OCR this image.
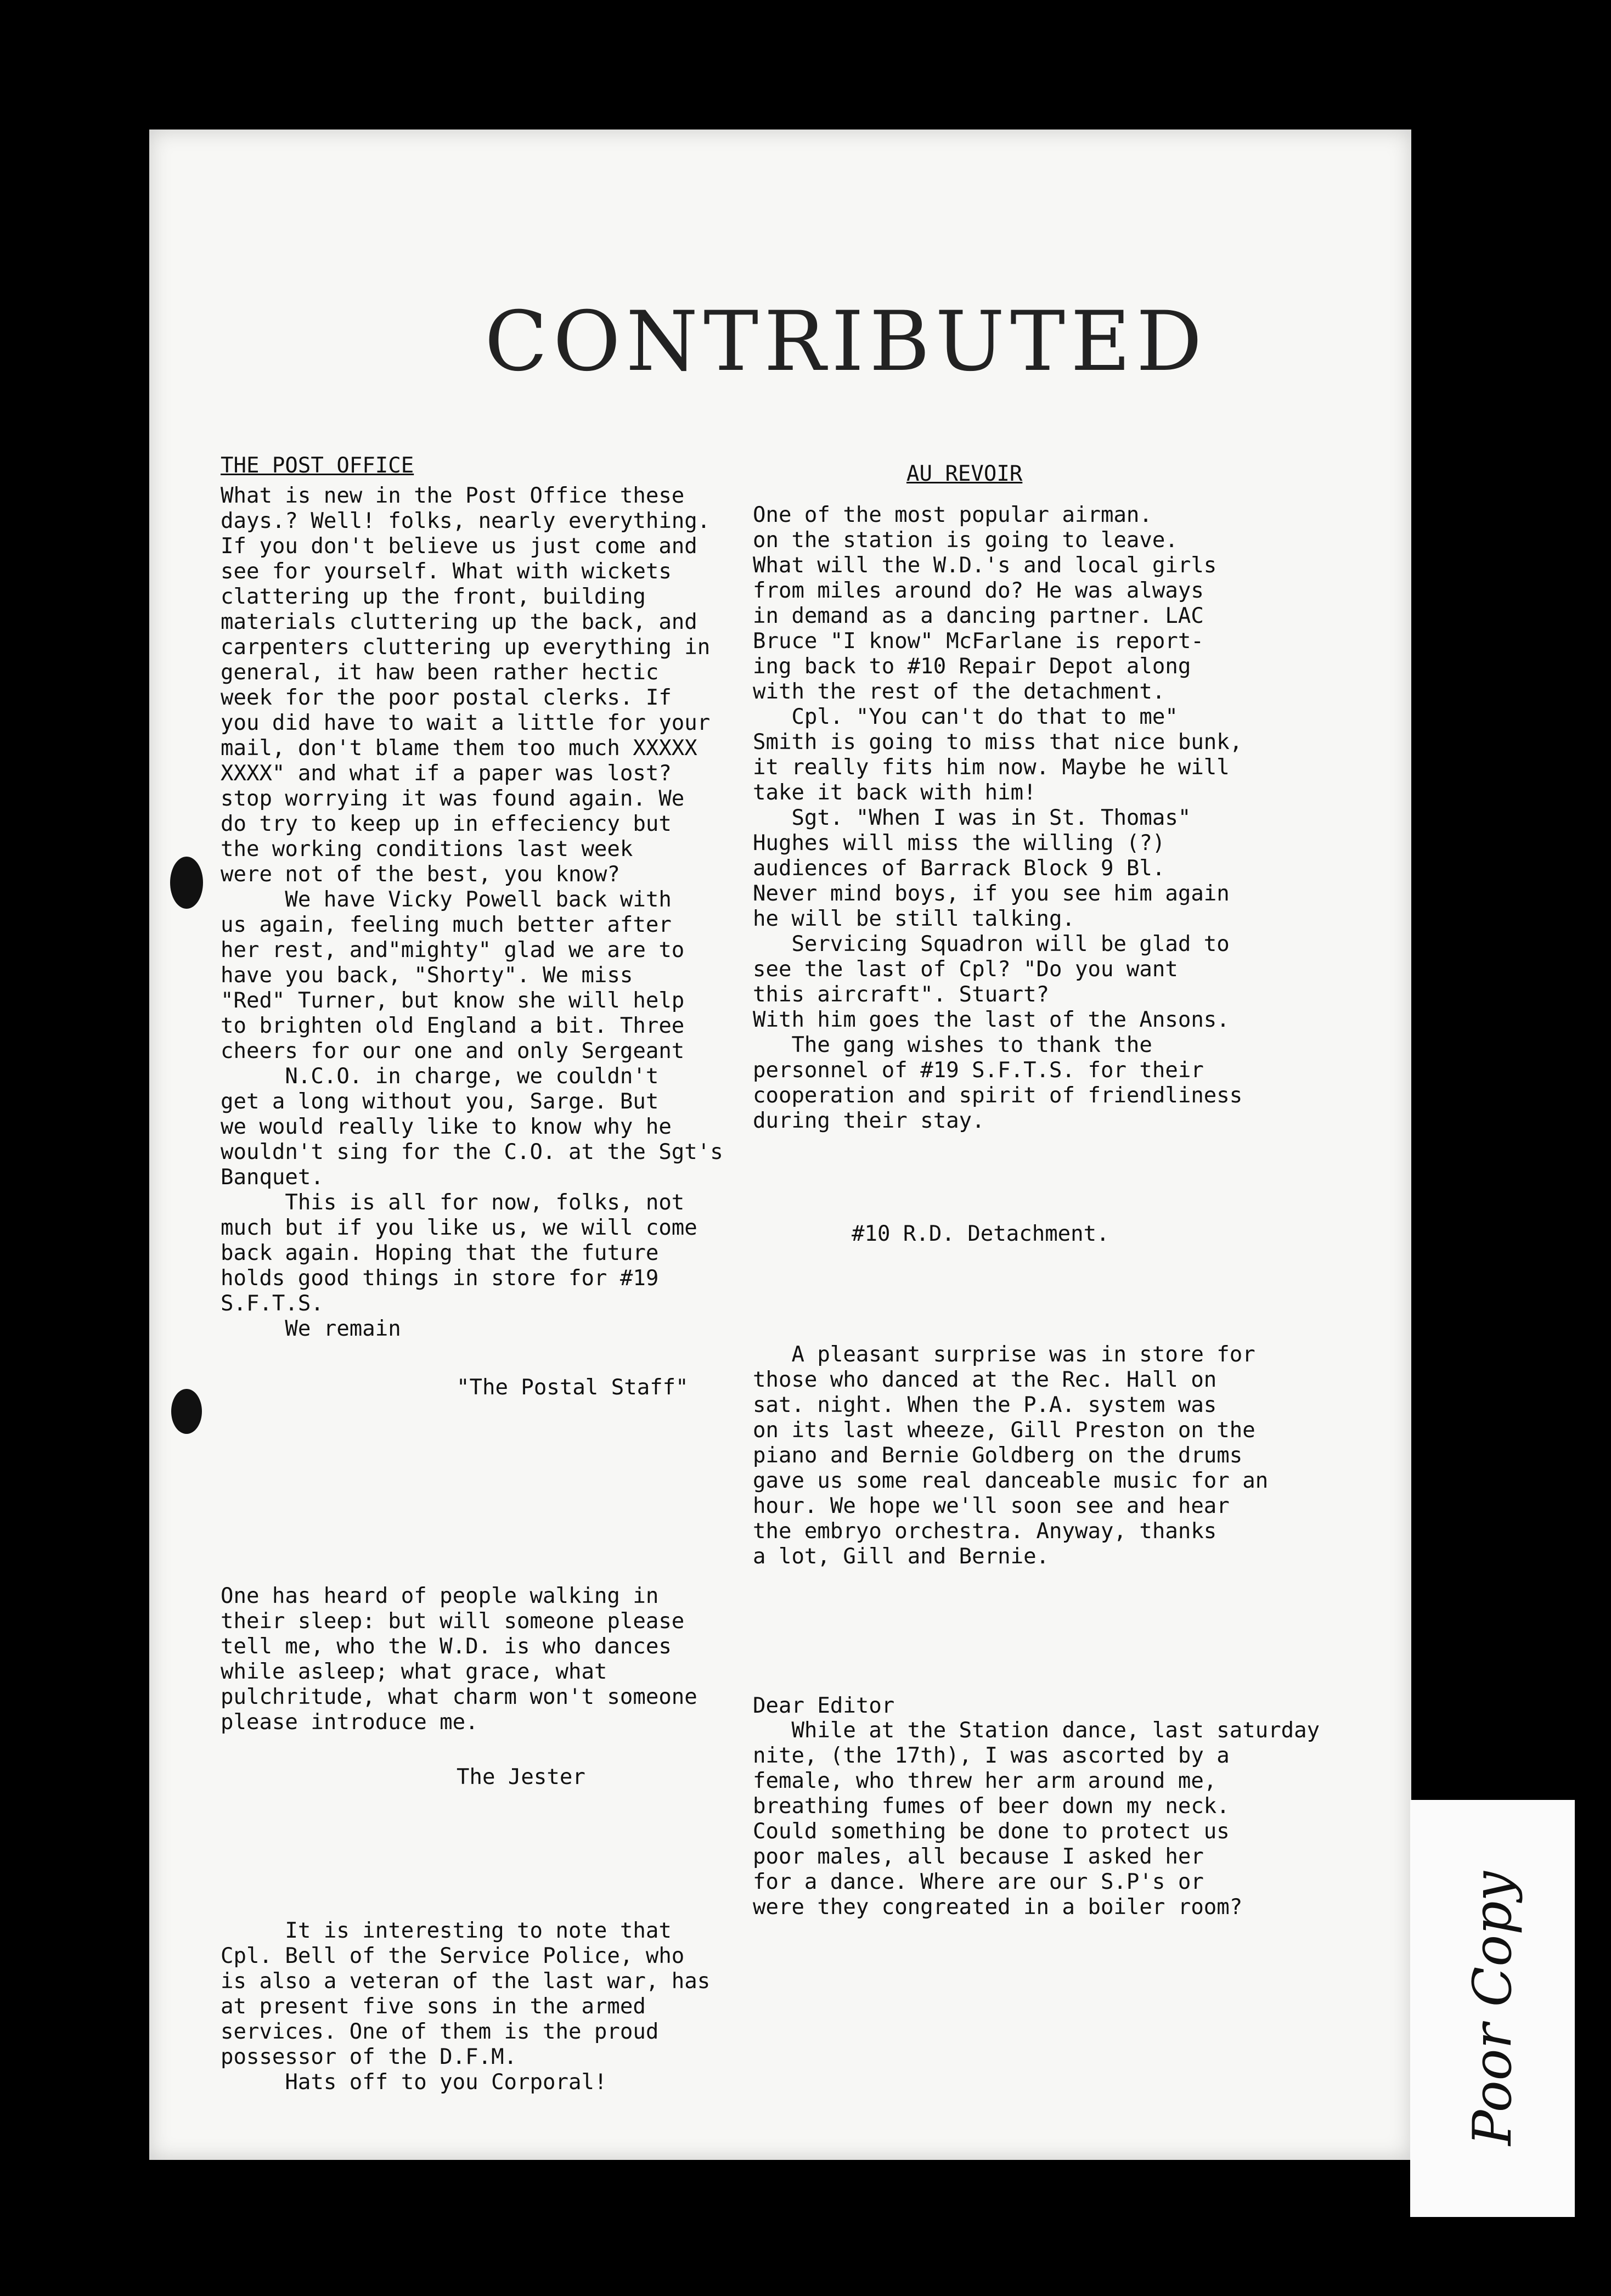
CONTRIBUTED
THE POST OFFICE
What is new in the Post Office these
days.? Well! folks, nearly everything.
If you don't believe us just come and
see for yourself. What with wickets
clattering up the front, building
materials cluttering up the back, and
carpenters cluttering up everything in
general, it haw been rather hectic
week for the poor postal clerks. If
you did have to wait a little for your
mail, don't blame them too much XXXXX
XXXX" and what if a paper was lost?
stop worrying it was found again. We
do try to keep up in effeciency but
the working conditions last week
were not of the best, you know?
We have Vicky Powell back with
us again, feeling much better after
her rest, and"mighty" glad we are to
have you back, "Shorty". We miss
"Red" Turner, but know she will help
to brighten old England a bit. Three
cheers for our one and only Sergeant
N.C.O. in charge, we couldn't
get a long without you, Sarge. But
we would really like to know why he
wouldn't sing for the C.O. at the Sgt's
Banquet.
This is all for now, folks, not
much but if you like us, we will come
back again. Hoping that the future
holds good things in store for #19
S.F.T.S.
We remain
"The Postal Staff"
One has heard of people walking in
their sleep: but will someone please
tell me, who the W.D. is who dances
while asleep; what grace, what
pulchritude, what charm won't someone
please introduce me.
The Jester
It is interesting to note that
Cpl. Bell of the Service Police, who
is also a veteran of the last war, has
at present five sons in the armed
services. One of them is the proud
possessor of the D.F.M.
Hats off to you Corporal!
AU REVOIR
One of the most popular airman.
on the station is going to leave.
What will the W.D.'s and local girls
from miles around do? He was always
in demand as a dancing partner. LAC
Bruce "I know" McFarlane is report-
ing back to #10 Repair Depot along
with the rest of the detachment.
Cpl. "You can't do that to me"
Smith is going to miss that nice bunk,
it really fits him now. Maybe he will
take it back with him!
Sgt. "When I was in St. Thomas"
Hughes will miss the willing (?)
audiences of Barrack Block 9 Bl.
Never mind boys, if you see him again
he will be still talking.
Servicing Squadron will be glad to
see the last of Cpl? "Do you want
this aircraft". Stuart?
With him goes the last of the Ansons.
The gang wishes to thank the
personnel of #19 S.F.T.S. for their
cooperation and spirit of friendliness
during their stay.
#10 R.D. Detachment.
A pleasant surprise was in store for
those who danced at the Rec. Hall on
sat. night. When the P.A. system was
on its last wheeze, Gill Preston on the
piano and Bernie Goldberg on the drums
gave us some real danceable music for an
hour. We hope we'll soon see and hear
the embryo orchestra. Anyway, thanks
a lot, Gill and Bernie.
Dear Editor
While at the Station dance, last saturday
nite, (the 17th), I was ascorted by a
female, who threw her arm around me,
breathing fumes of beer down my neck.
Could something be done to protect us
poor males, all because I asked her
for a dance. Where are our S.P's or
were they congreated in a boiler room?	Poor Copy
